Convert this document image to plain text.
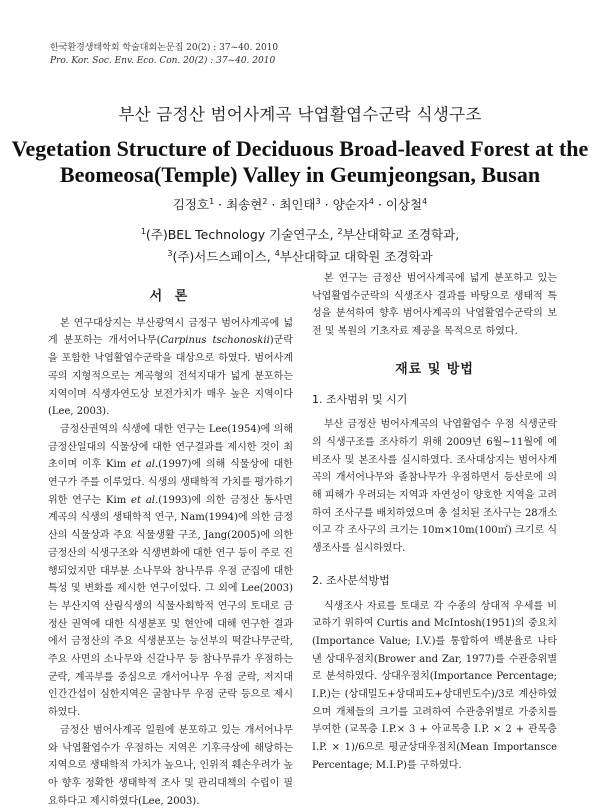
한국환경생태학회 학술대회논문집 20(2) : 37~40. 2010
Pro. Kor. Soc. Env. Eco. Con. 20(2) : 37~40. 2010
부산 금정산 범어사계곡 낙엽활엽수군락 식생구조
Vegetation Structure of Deciduous Broad-leaved Forest at the
Beomeosa(Temple) Valley in Geumjeongsan, Busan
김정호$^1$ · 최송현$^2$ · 최인태$^3$ · 양순자$^4$ · 이상철$^4$
$^1$(주)BEL Technology 기술연구소, $^2$부산대학교 조경학과,
$^3$(주)서드스페이스, $^4$부산대학교 대학원 조경학과
서 론

본 연구대상지는 부산광역시 금정구 범어사계곡에 넓게 분포하는 개서어나무(Carpinus tschonoskii)군락을 포함한 낙엽활엽수군락을 대상으로 하였다. 범어사계곡의 지형적으로는 계곡형의 전석지대가 넓게 분포하는 지역이며 식생자연도상 보전가치가 매우 높은 지역이다(Lee, 2003).

금정산권역의 식생에 대한 연구는 Lee(1954)에 의해 금정산일대의 식물상에 대한 연구결과를 제시한 것이 최초이며 이후 Kim et al.(1997)에 의해 식물상에 대한 연구가 주를 이루었다. 식생의 생태학적 가치를 평가하기 위한 연구는 Kim et al.(1993)에 의한 금정산 동사면 계곡의 식생의 생태학적 연구, Nam(1994)에 의한 금정산의 식물상과 주요 식물생활 구조, Jang(2005)에 의한 금정산의 식생구조와 식생변화에 대한 연구 등이 주로 진행되었지만 대부분 소나무와 참나무류 우점 군집에 대한 특성 및 변화를 제시한 연구이었다. 그 외에 Lee(2003)는 부산지역 산림식생의 식물사회학적 연구의 토대로 금정산 권역에 대한 식생분포 및 현안에 대해 연구한 결과에서 금정산의 주요 식생분포는 능선부의 떡갈나무군락, 주요 사면의 소나무와 신갈나무 등 참나무류가 우점하는 군락, 계곡부를 중심으로 개서어나무 우점 군락, 저지대 인간간섭이 심한지역은 굴참나무 우점 군락 등으로 제시하였다.

금정산 범어사계곡 일원에 분포하고 있는 개서어나무와 낙엽활엽수가 우점하는 지역은 기후극상에 해당하는 지역으로 생태학적 가치가 높으나, 인위적 훼손우려가 높아 향후 정확한 생태학적 조사 및 관리대책의 수립이 필요하다고 제시하였다(Lee, 2003).

본 연구는 금정산 범어사계곡에 넓게 분포하고 있는 낙엽활엽수군락의 식생조사 결과를 바탕으로 생태적 특성을 분석하여 향후 범어사계곡의 낙엽활엽수군락의 보전 및 복원의 기초자료 제공을 목적으로 하였다.

재료 및 방법
1. 조사범위 및 시기

부산 금정산 범어사계곡의 낙엽활엽수 우점 식생군락의 식생구조를 조사하기 위해 2009년 6월~11월에 예비조사 및 본조사를 실시하였다. 조사대상지는 범어사계곡의 개서어나무와 졸참나무가 우점하면서 등산로에 의해 피해가 우려되는 지역과 자연성이 양호한 지역을 고려하여 조사구를 배치하였으며 총 설치된 조사구는 28개소이고 각 조사구의 크기는 10m×10m(100㎡) 크기로 식생조사를 실시하였다.

2. 조사분석방법

식생조사 자료를 토대로 각 수종의 상대적 우세를 비교하기 위하여 Curtis and McIntosh(1951)의 중요치(Importance Value; I.V.)를 통합하여 백분율로 나타낸 상대우점치(Brower and Zar, 1977)를 수관층위별로 분석하였다. 상대우점치(Importance Percentage; I.P.)는 (상대밀도+상대피도+상대빈도수)/3로 계산하였으며 개체들의 크기를 고려하여 수관층위별로 가중치를 부여한 (교목층 I.P.× 3 + 아교목층 I.P. × 2 + 관목층 I.P. × 1)/6으로 평균상대우점치(Mean Importansce Percentage; M.I.P)를 구하였다.
